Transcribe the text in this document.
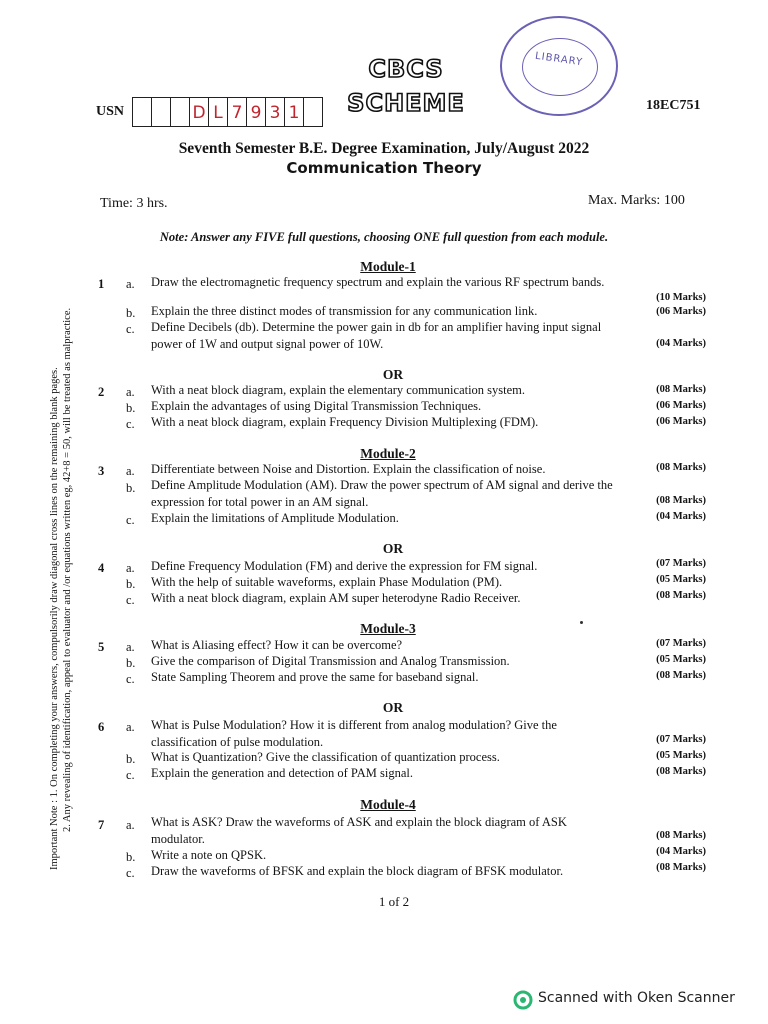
CBCS SCHEME
LIBRARY
USN	D L 7 9 3 1	18EC751
Seventh Semester B.E. Degree Examination, July/August 2022
Communication Theory
Time: 3 hrs.	Max. Marks: 100
Note: Answer any FIVE full questions, choosing ONE full question from each module.
Important Note : 1. On completing your answers, compulsorily draw diagonal cross lines on the remaining blank pages. 2. Any revealing of identification, appeal to evaluator and /or equations written eg, 42+8 = 50, will be treated as malpractice.
Module-1
1 a. Draw the electromagnetic frequency spectrum and explain the various RF spectrum bands.
(10 Marks)
b. Explain the three distinct modes of transmission for any communication link.	(06 Marks)
c. Define Decibels (db). Determine the power gain in db for an amplifier having input signal
power of 1W and output signal power of 10W.	(04 Marks)
OR
2 a. With a neat block diagram, explain the elementary communication system.	(08 Marks)
b. Explain the advantages of using Digital Transmission Techniques.	(06 Marks)
c. With a neat block diagram, explain Frequency Division Multiplexing (FDM).	(06 Marks)
Module-2
3 a. Differentiate between Noise and Distortion. Explain the classification of noise.	(08 Marks)
b. Define Amplitude Modulation (AM). Draw the power spectrum of AM signal and derive the
expression for total power in an AM signal.	(08 Marks)
c. Explain the limitations of Amplitude Modulation.	(04 Marks)
OR
4 a. Define Frequency Modulation (FM) and derive the expression for FM signal.	(07 Marks)
b. With the help of suitable waveforms, explain Phase Modulation (PM).	(05 Marks)
c. With a neat block diagram, explain AM super heterodyne Radio Receiver.	(08 Marks)
Module-3
5 a. What is Aliasing effect? How it can be overcome?	(07 Marks)
b. Give the comparison of Digital Transmission and Analog Transmission.	(05 Marks)
c. State Sampling Theorem and prove the same for baseband signal.	(08 Marks)
OR
6 a. What is Pulse Modulation? How it is different from analog modulation? Give the
classification of pulse modulation.	(07 Marks)
b. What is Quantization? Give the classification of quantization process.	(05 Marks)
c. Explain the generation and detection of PAM signal.	(08 Marks)
Module-4
7 a. What is ASK? Draw the waveforms of ASK and explain the block diagram of ASK
modulator.	(08 Marks)
b. Write a note on QPSK.	(04 Marks)
c. Draw the waveforms of BFSK and explain the block diagram of BFSK modulator.	(08 Marks)
1 of 2
Scanned with Oken Scanner
